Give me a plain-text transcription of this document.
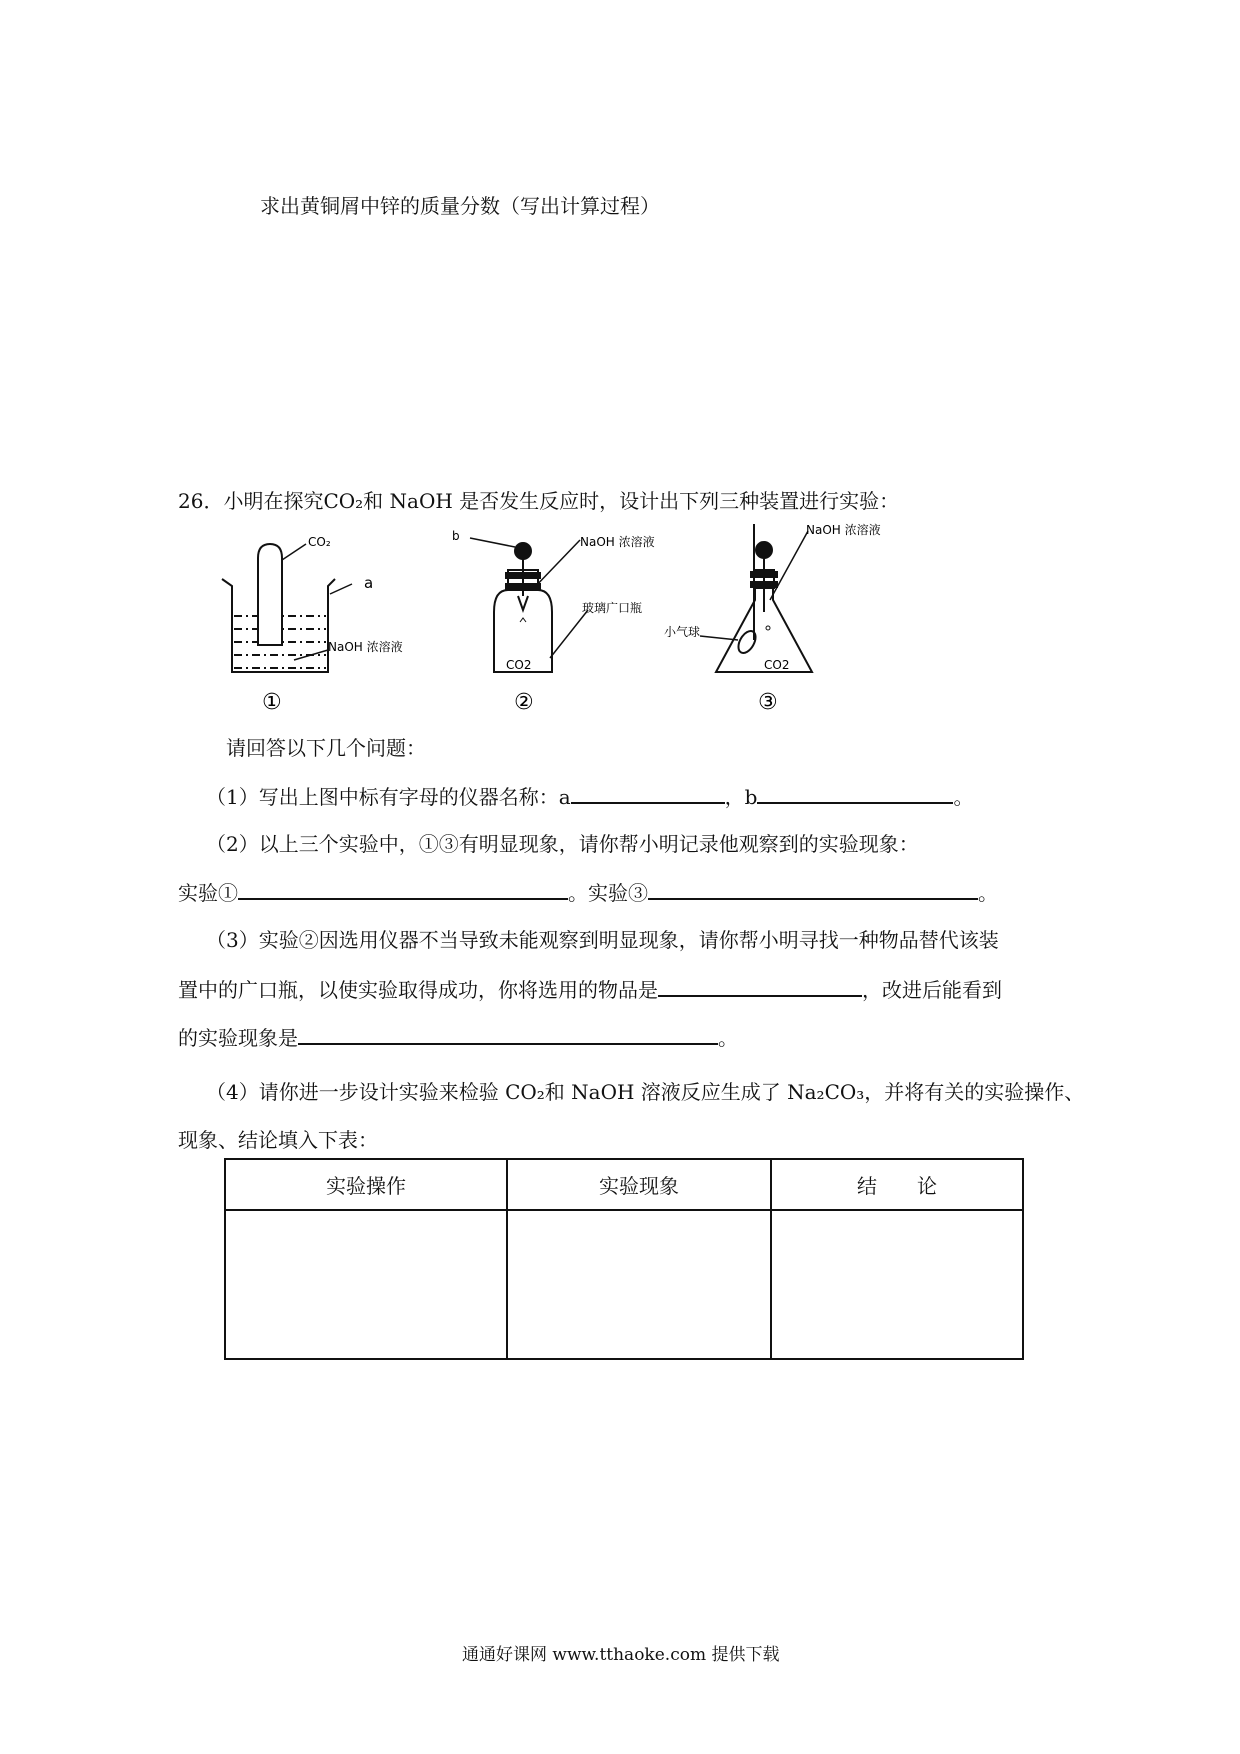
求出黄铜屑中锌的质量分数（写出计算过程）
26．小明在探究CO₂和 NaOH 是否发生反应时，设计出下列三种装置进行实验：
CO₂
a
NaOH 浓溶液
①
b	NaOH 浓溶液
玻璃广口瓶
CO2
②
NaOH 浓溶液
小气球
CO2
③
请回答以下几个问题：
（1）写出上图中标有字母的仪器名称：a	，b	。
（2）以上三个实验中，①③有明显现象，请你帮小明记录他观察到的实验现象：
实验①	。实验③	。
（3）实验②因选用仪器不当导致未能观察到明显现象，请你帮小明寻找一种物品替代该装
置中的广口瓶，以使实验取得成功，你将选用的物品是	，改进后能看到
的实验现象是	。
（4）请你进一步设计实验来检验 CO₂和 NaOH 溶液反应生成了 Na₂CO₃，并将有关的实验操作、
现象、结论填入下表：
实验操作	实验现象	结　　论

通通好课网 www.tthaoke.com 提供下载
